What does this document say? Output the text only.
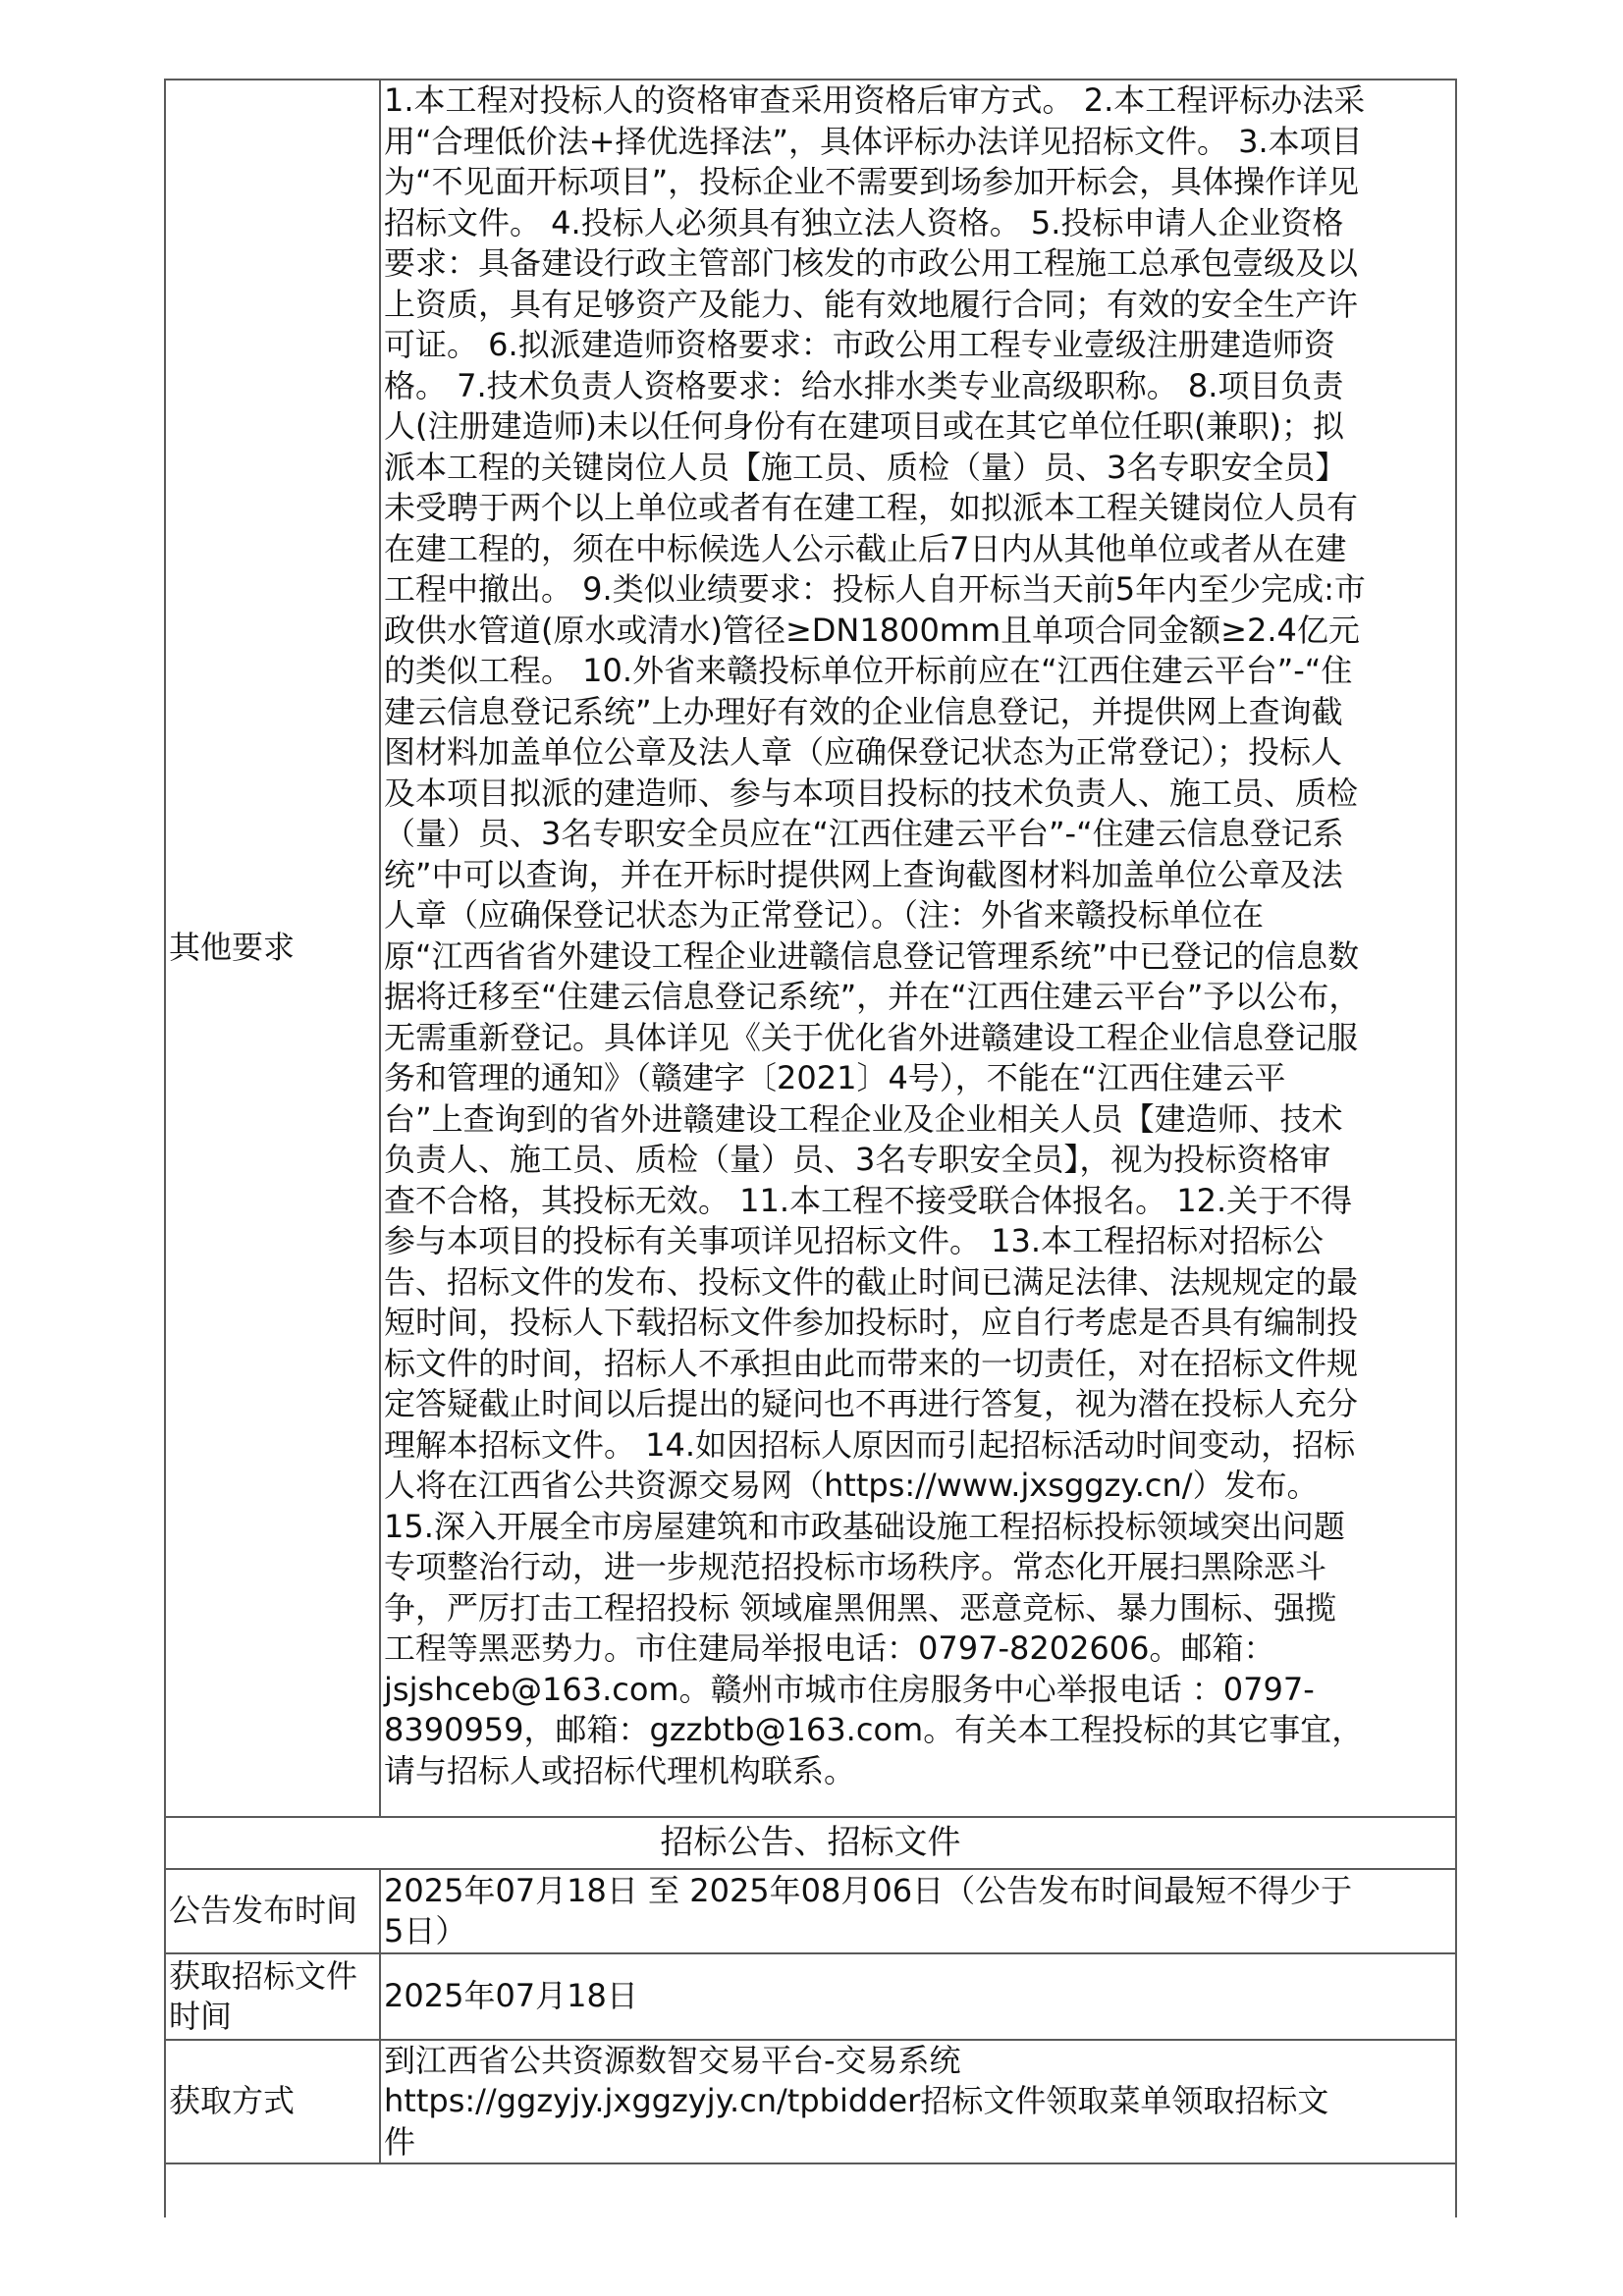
其他要求
1.本工程对投标人的资格审查采用资格后审方式。 2.本工程评标办法采
用“合理低价法+择优选择法”，具体评标办法详见招标文件。 3.本项目
为“不见面开标项目”，投标企业不需要到场参加开标会，具体操作详见
招标文件。 4.投标人必须具有独立法人资格。 5.投标申请人企业资格
要求：具备建设行政主管部门核发的市政公用工程施工总承包壹级及以
上资质，具有足够资产及能力、能有效地履行合同；有效的安全生产许
可证。 6.拟派建造师资格要求：市政公用工程专业壹级注册建造师资
格。 7.技术负责人资格要求：给水排水类专业高级职称。 8.项目负责
人(注册建造师)未以任何身份有在建项目或在其它单位任职(兼职)；拟
派本工程的关键岗位人员【施工员、质检（量）员、3名专职安全员】
未受聘于两个以上单位或者有在建工程，如拟派本工程关键岗位人员有
在建工程的，须在中标候选人公示截止后7日内从其他单位或者从在建
工程中撤出。 9.类似业绩要求：投标人自开标当天前5年内至少完成:市
政供水管道(原水或清水)管径≥DN1800mm且单项合同金额≥2.4亿元
的类似工程。 10.外省来赣投标单位开标前应在“江西住建云平台”-“住
建云信息登记系统”上办理好有效的企业信息登记，并提供网上查询截
图材料加盖单位公章及法人章（应确保登记状态为正常登记）；投标人
及本项目拟派的建造师、参与本项目投标的技术负责人、施工员、质检
（量）员、3名专职安全员应在“江西住建云平台”-“住建云信息登记系
统”中可以查询，并在开标时提供网上查询截图材料加盖单位公章及法
人章（应确保登记状态为正常登记）。（注：外省来赣投标单位在
原“江西省省外建设工程企业进赣信息登记管理系统”中已登记的信息数
据将迁移至“住建云信息登记系统”，并在“江西住建云平台”予以公布，
无需重新登记。具体详见《关于优化省外进赣建设工程企业信息登记服
务和管理的通知》（赣建字〔2021〕4号），不能在“江西住建云平
台”上查询到的省外进赣建设工程企业及企业相关人员【建造师、技术
负责人、施工员、质检（量）员、3名专职安全员】，视为投标资格审
查不合格，其投标无效。 11.本工程不接受联合体报名。 12.关于不得
参与本项目的投标有关事项详见招标文件。 13.本工程招标对招标公
告、招标文件的发布、投标文件的截止时间已满足法律、法规规定的最
短时间，投标人下载招标文件参加投标时，应自行考虑是否具有编制投
标文件的时间，招标人不承担由此而带来的一切责任，对在招标文件规
定答疑截止时间以后提出的疑问也不再进行答复，视为潜在投标人充分
理解本招标文件。 14.如因招标人原因而引起招标活动时间变动，招标
人将在江西省公共资源交易网（https://www.jxsggzy.cn/）发布。
15.深入开展全市房屋建筑和市政基础设施工程招标投标领域突出问题
专项整治行动，进一步规范招投标市场秩序。常态化开展扫黑除恶斗
争，严厉打击工程招投标 领域雇黑佣黑、恶意竞标、暴力围标、强揽
工程等黑恶势力。市住建局举报电话：0797-8202606。邮箱：
jsjshceb@163.com。赣州市城市住房服务中心举报电话 ：0797-
8390959，邮箱：gzzbtb@163.com。有关本工程投标的其它事宜，
请与招标人或招标代理机构联系。
招标公告、招标文件
公告发布时间
2025年07月18日 至 2025年08月06日（公告发布时间最短不得少于
5日）
获取招标文件时间
2025年07月18日
获取方式
到江西省公共资源数智交易平台-交易系统
https://ggzyjy.jxggzyjy.cn/tpbidder招标文件领取菜单领取招标文
件
